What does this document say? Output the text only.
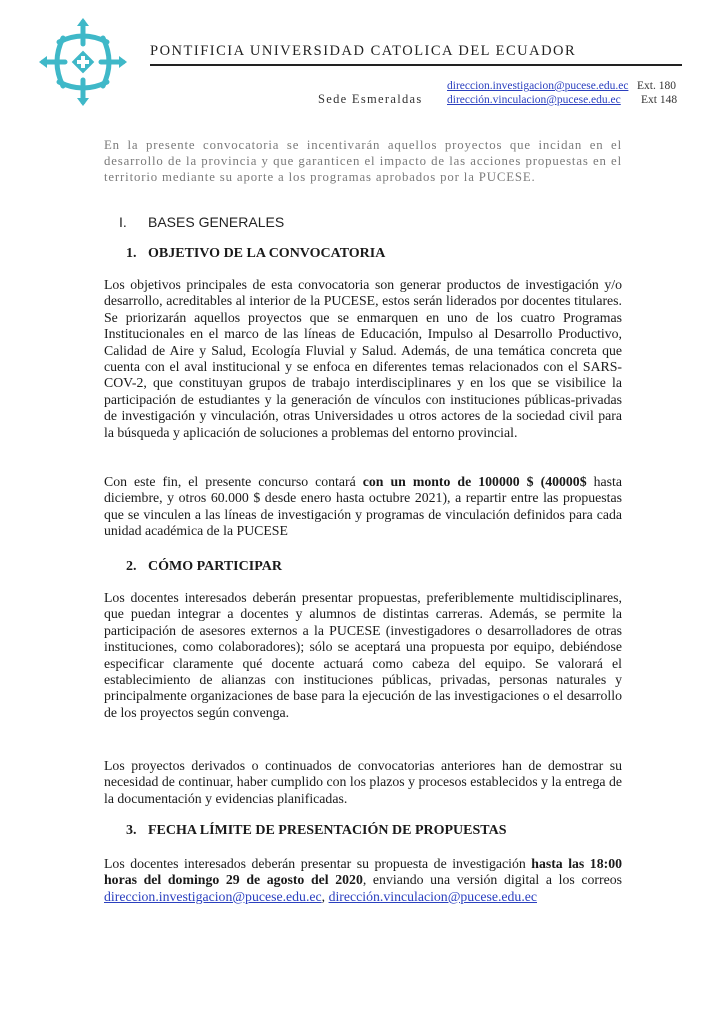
PONTIFICIA UNIVERSIDAD CATOLICA DEL ECUADOR
Sede Esmeraldas
direccion.investigacion@pucese.edu.ec Ext. 180
dirección.vinculacion@pucese.edu.ec Ext 148
En la presente convocatoria se incentivarán aquellos proyectos que incidan en el desarrollo de la provincia y que garanticen el impacto de las acciones propuestas en el territorio mediante su aporte a los programas aprobados por la PUCESE.
I. BASES GENERALES
1. OBJETIVO DE LA CONVOCATORIA
Los objetivos principales de esta convocatoria son generar productos de investigación y/o desarrollo, acreditables al interior de la PUCESE, estos serán liderados por docentes titulares. Se priorizarán aquellos proyectos que se enmarquen en uno de los cuatro Programas Institucionales en el marco de las líneas de Educación, Impulso al Desarrollo Productivo, Calidad de Aire y Salud, Ecología Fluvial y Salud. Además, de una temática concreta que cuenta con el aval institucional y se enfoca en diferentes temas relacionados con el SARS-COV-2, que constituyan grupos de trabajo interdisciplinares y en los que se visibilice la participación de estudiantes y la generación de vínculos con instituciones públicas-privadas de investigación y vinculación, otras Universidades u otros actores de la sociedad civil para la búsqueda y aplicación de soluciones a problemas del entorno provincial.
Con este fin, el presente concurso contará con un monto de 100000 $ (40000$ hasta diciembre, y otros 60.000 $ desde enero hasta octubre 2021), a repartir entre las propuestas que se vinculen a las líneas de investigación y programas de vinculación definidos para cada unidad académica de la PUCESE
2. CÓMO PARTICIPAR
Los docentes interesados deberán presentar propuestas, preferiblemente multidisciplinares, que puedan integrar a docentes y alumnos de distintas carreras. Además, se permite la participación de asesores externos a la PUCESE (investigadores o desarrolladores de otras instituciones, como colaboradores); sólo se aceptará una propuesta por equipo, debiéndose especificar claramente qué docente actuará como cabeza del equipo. Se valorará el establecimiento de alianzas con instituciones públicas, privadas, personas naturales y principalmente organizaciones de base para la ejecución de las investigaciones o el desarrollo de los proyectos según convenga.
Los proyectos derivados o continuados de convocatorias anteriores han de demostrar su necesidad de continuar, haber cumplido con los plazos y procesos establecidos y la entrega de la documentación y evidencias planificadas.
3. FECHA LÍMITE DE PRESENTACIÓN DE PROPUESTAS
Los docentes interesados deberán presentar su propuesta de investigación hasta las 18:00 horas del domingo 29 de agosto del 2020, enviando una versión digital a los correos direccion.investigacion@pucese.edu.ec, dirección.vinculacion@pucese.edu.ec
